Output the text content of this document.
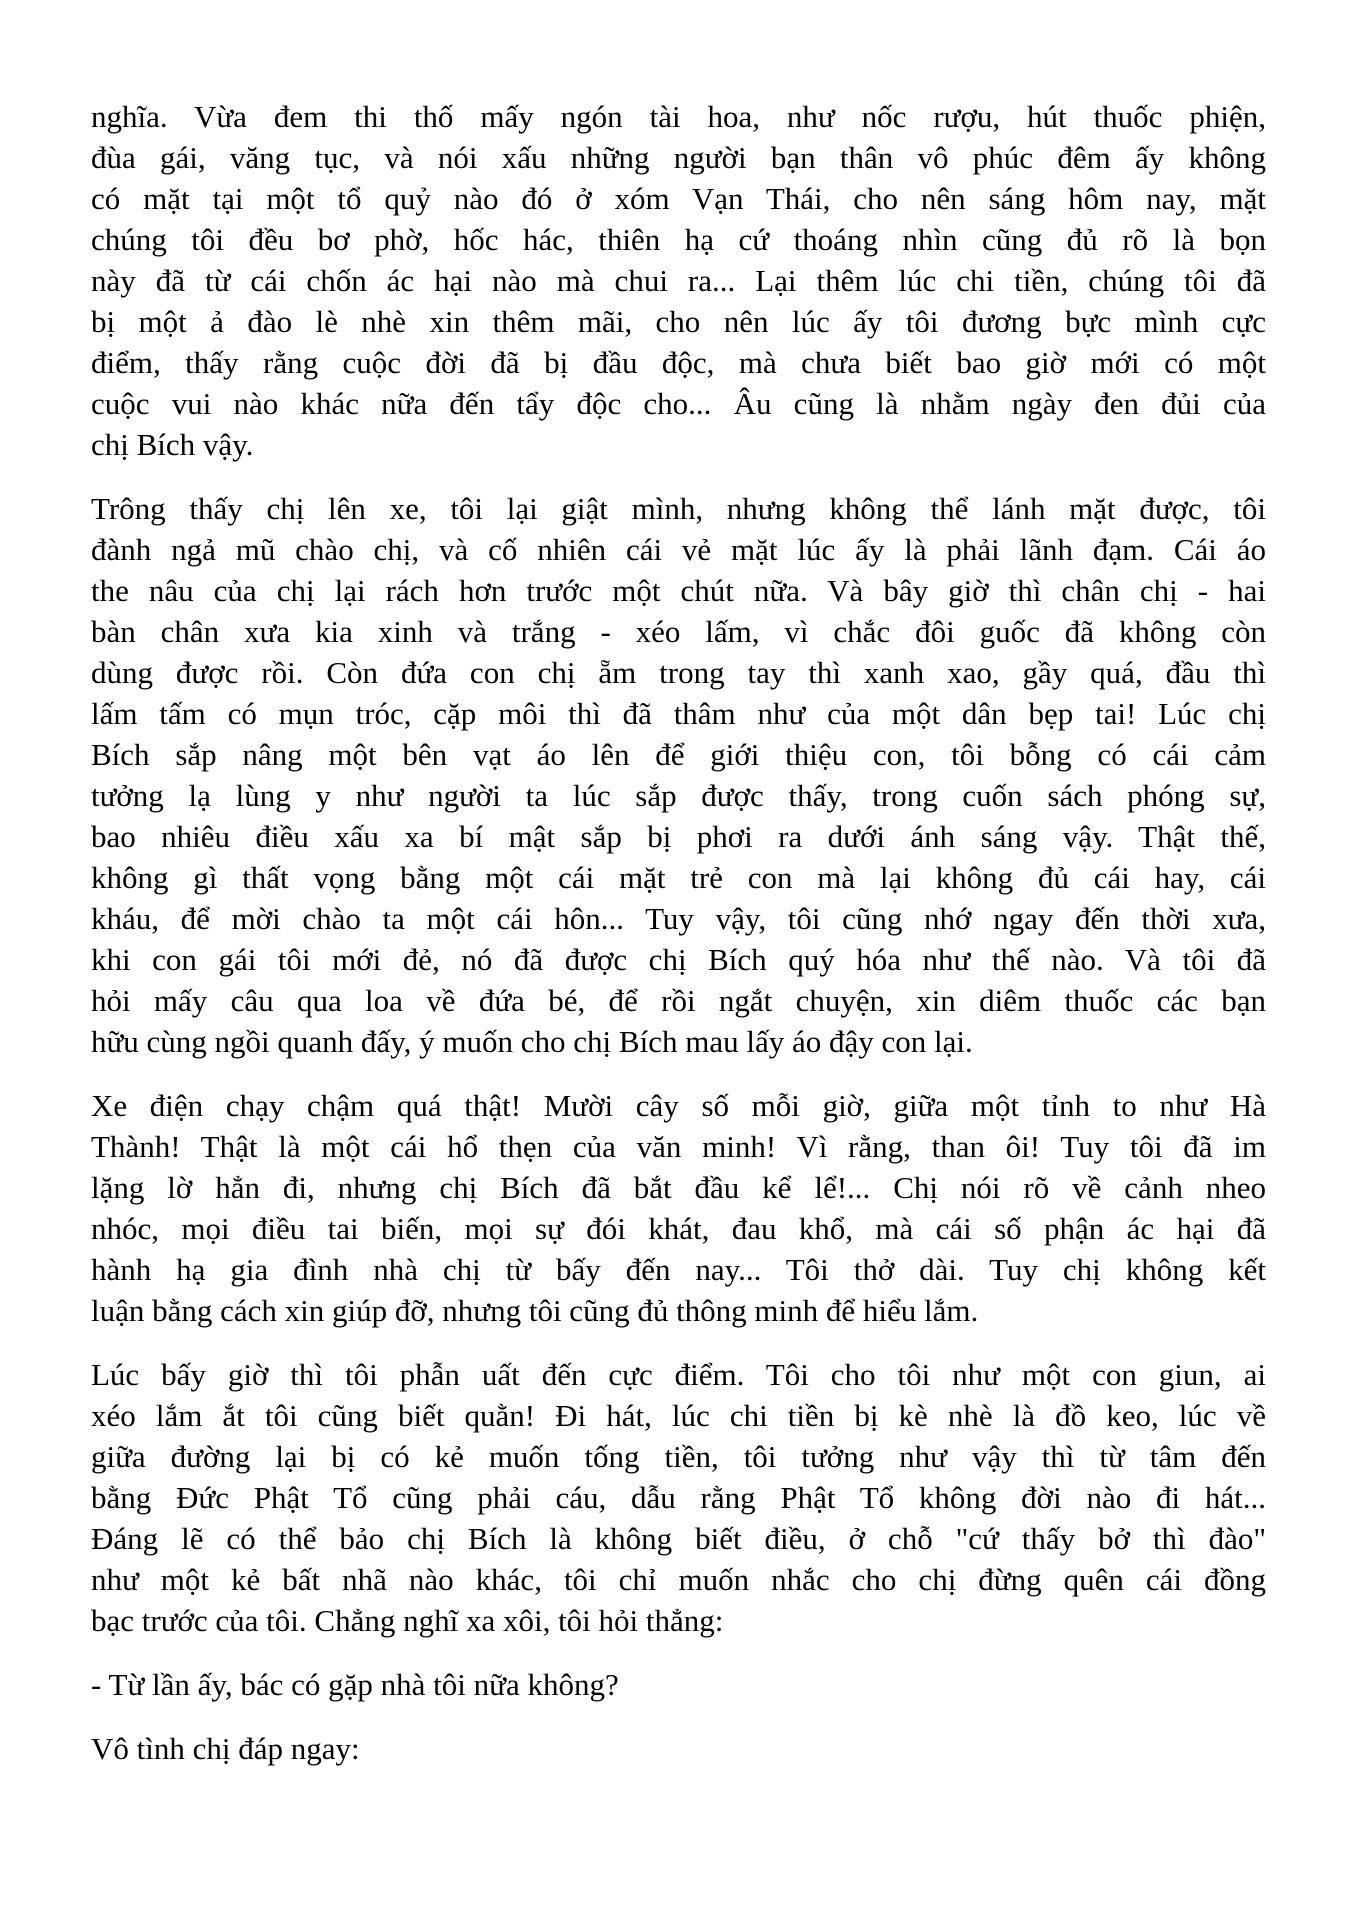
nghĩa. Vừa đem thi thố mấy ngón tài hoa, như nốc rượu, hút thuốc phiện,
đùa gái, văng tục, và nói xấu những người bạn thân vô phúc đêm ấy không
có mặt tại một tổ quỷ nào đó ở xóm Vạn Thái, cho nên sáng hôm nay, mặt
chúng tôi đều bơ phờ, hốc hác, thiên hạ cứ thoáng nhìn cũng đủ rõ là bọn
này đã từ cái chốn ác hại nào mà chui ra... Lại thêm lúc chi tiền, chúng tôi đã
bị một ả đào lè nhè xin thêm mãi, cho nên lúc ấy tôi đương bực mình cực
điểm, thấy rằng cuộc đời đã bị đầu độc, mà chưa biết bao giờ mới có một
cuộc vui nào khác nữa đến tẩy độc cho... Âu cũng là nhằm ngày đen đủi của
chị Bích vậy.
Trông thấy chị lên xe, tôi lại giật mình, nhưng không thể lánh mặt được, tôi
đành ngả mũ chào chị, và cố nhiên cái vẻ mặt lúc ấy là phải lãnh đạm. Cái áo
the nâu của chị lại rách hơn trước một chút nữa. Và bây giờ thì chân chị - hai
bàn chân xưa kia xinh và trắng - xéo lấm, vì chắc đôi guốc đã không còn
dùng được rồi. Còn đứa con chị ẵm trong tay thì xanh xao, gầy quá, đầu thì
lấm tấm có mụn tróc, cặp môi thì đã thâm như của một dân bẹp tai! Lúc chị
Bích sắp nâng một bên vạt áo lên để giới thiệu con, tôi bỗng có cái cảm
tưởng lạ lùng y như người ta lúc sắp được thấy, trong cuốn sách phóng sự,
bao nhiêu điều xấu xa bí mật sắp bị phơi ra dưới ánh sáng vậy. Thật thế,
không gì thất vọng bằng một cái mặt trẻ con mà lại không đủ cái hay, cái
kháu, để mời chào ta một cái hôn... Tuy vậy, tôi cũng nhớ ngay đến thời xưa,
khi con gái tôi mới đẻ, nó đã được chị Bích quý hóa như thế nào. Và tôi đã
hỏi mấy câu qua loa về đứa bé, để rồi ngắt chuyện, xin diêm thuốc các bạn
hữu cùng ngồi quanh đấy, ý muốn cho chị Bích mau lấy áo đậy con lại.
Xe điện chạy chậm quá thật! Mười cây số mỗi giờ, giữa một tỉnh to như Hà
Thành! Thật là một cái hổ thẹn của văn minh! Vì rằng, than ôi! Tuy tôi đã im
lặng lờ hẳn đi, nhưng chị Bích đã bắt đầu kể lể!... Chị nói rõ về cảnh nheo
nhóc, mọi điều tai biến, mọi sự đói khát, đau khổ, mà cái số phận ác hại đã
hành hạ gia đình nhà chị từ bấy đến nay... Tôi thở dài. Tuy chị không kết
luận bằng cách xin giúp đỡ, nhưng tôi cũng đủ thông minh để hiểu lắm.
Lúc bấy giờ thì tôi phẫn uất đến cực điểm. Tôi cho tôi như một con giun, ai
xéo lắm ắt tôi cũng biết quằn! Đi hát, lúc chi tiền bị kè nhè là đồ keo, lúc về
giữa đường lại bị có kẻ muốn tống tiền, tôi tưởng như vậy thì từ tâm đến
bằng Đức Phật Tổ cũng phải cáu, dẫu rằng Phật Tổ không đời nào đi hát...
Đáng lẽ có thể bảo chị Bích là không biết điều, ở chỗ "cứ thấy bở thì đào"
như một kẻ bất nhã nào khác, tôi chỉ muốn nhắc cho chị đừng quên cái đồng
bạc trước của tôi. Chẳng nghĩ xa xôi, tôi hỏi thẳng:
- Từ lần ấy, bác có gặp nhà tôi nữa không?
Vô tình chị đáp ngay:
